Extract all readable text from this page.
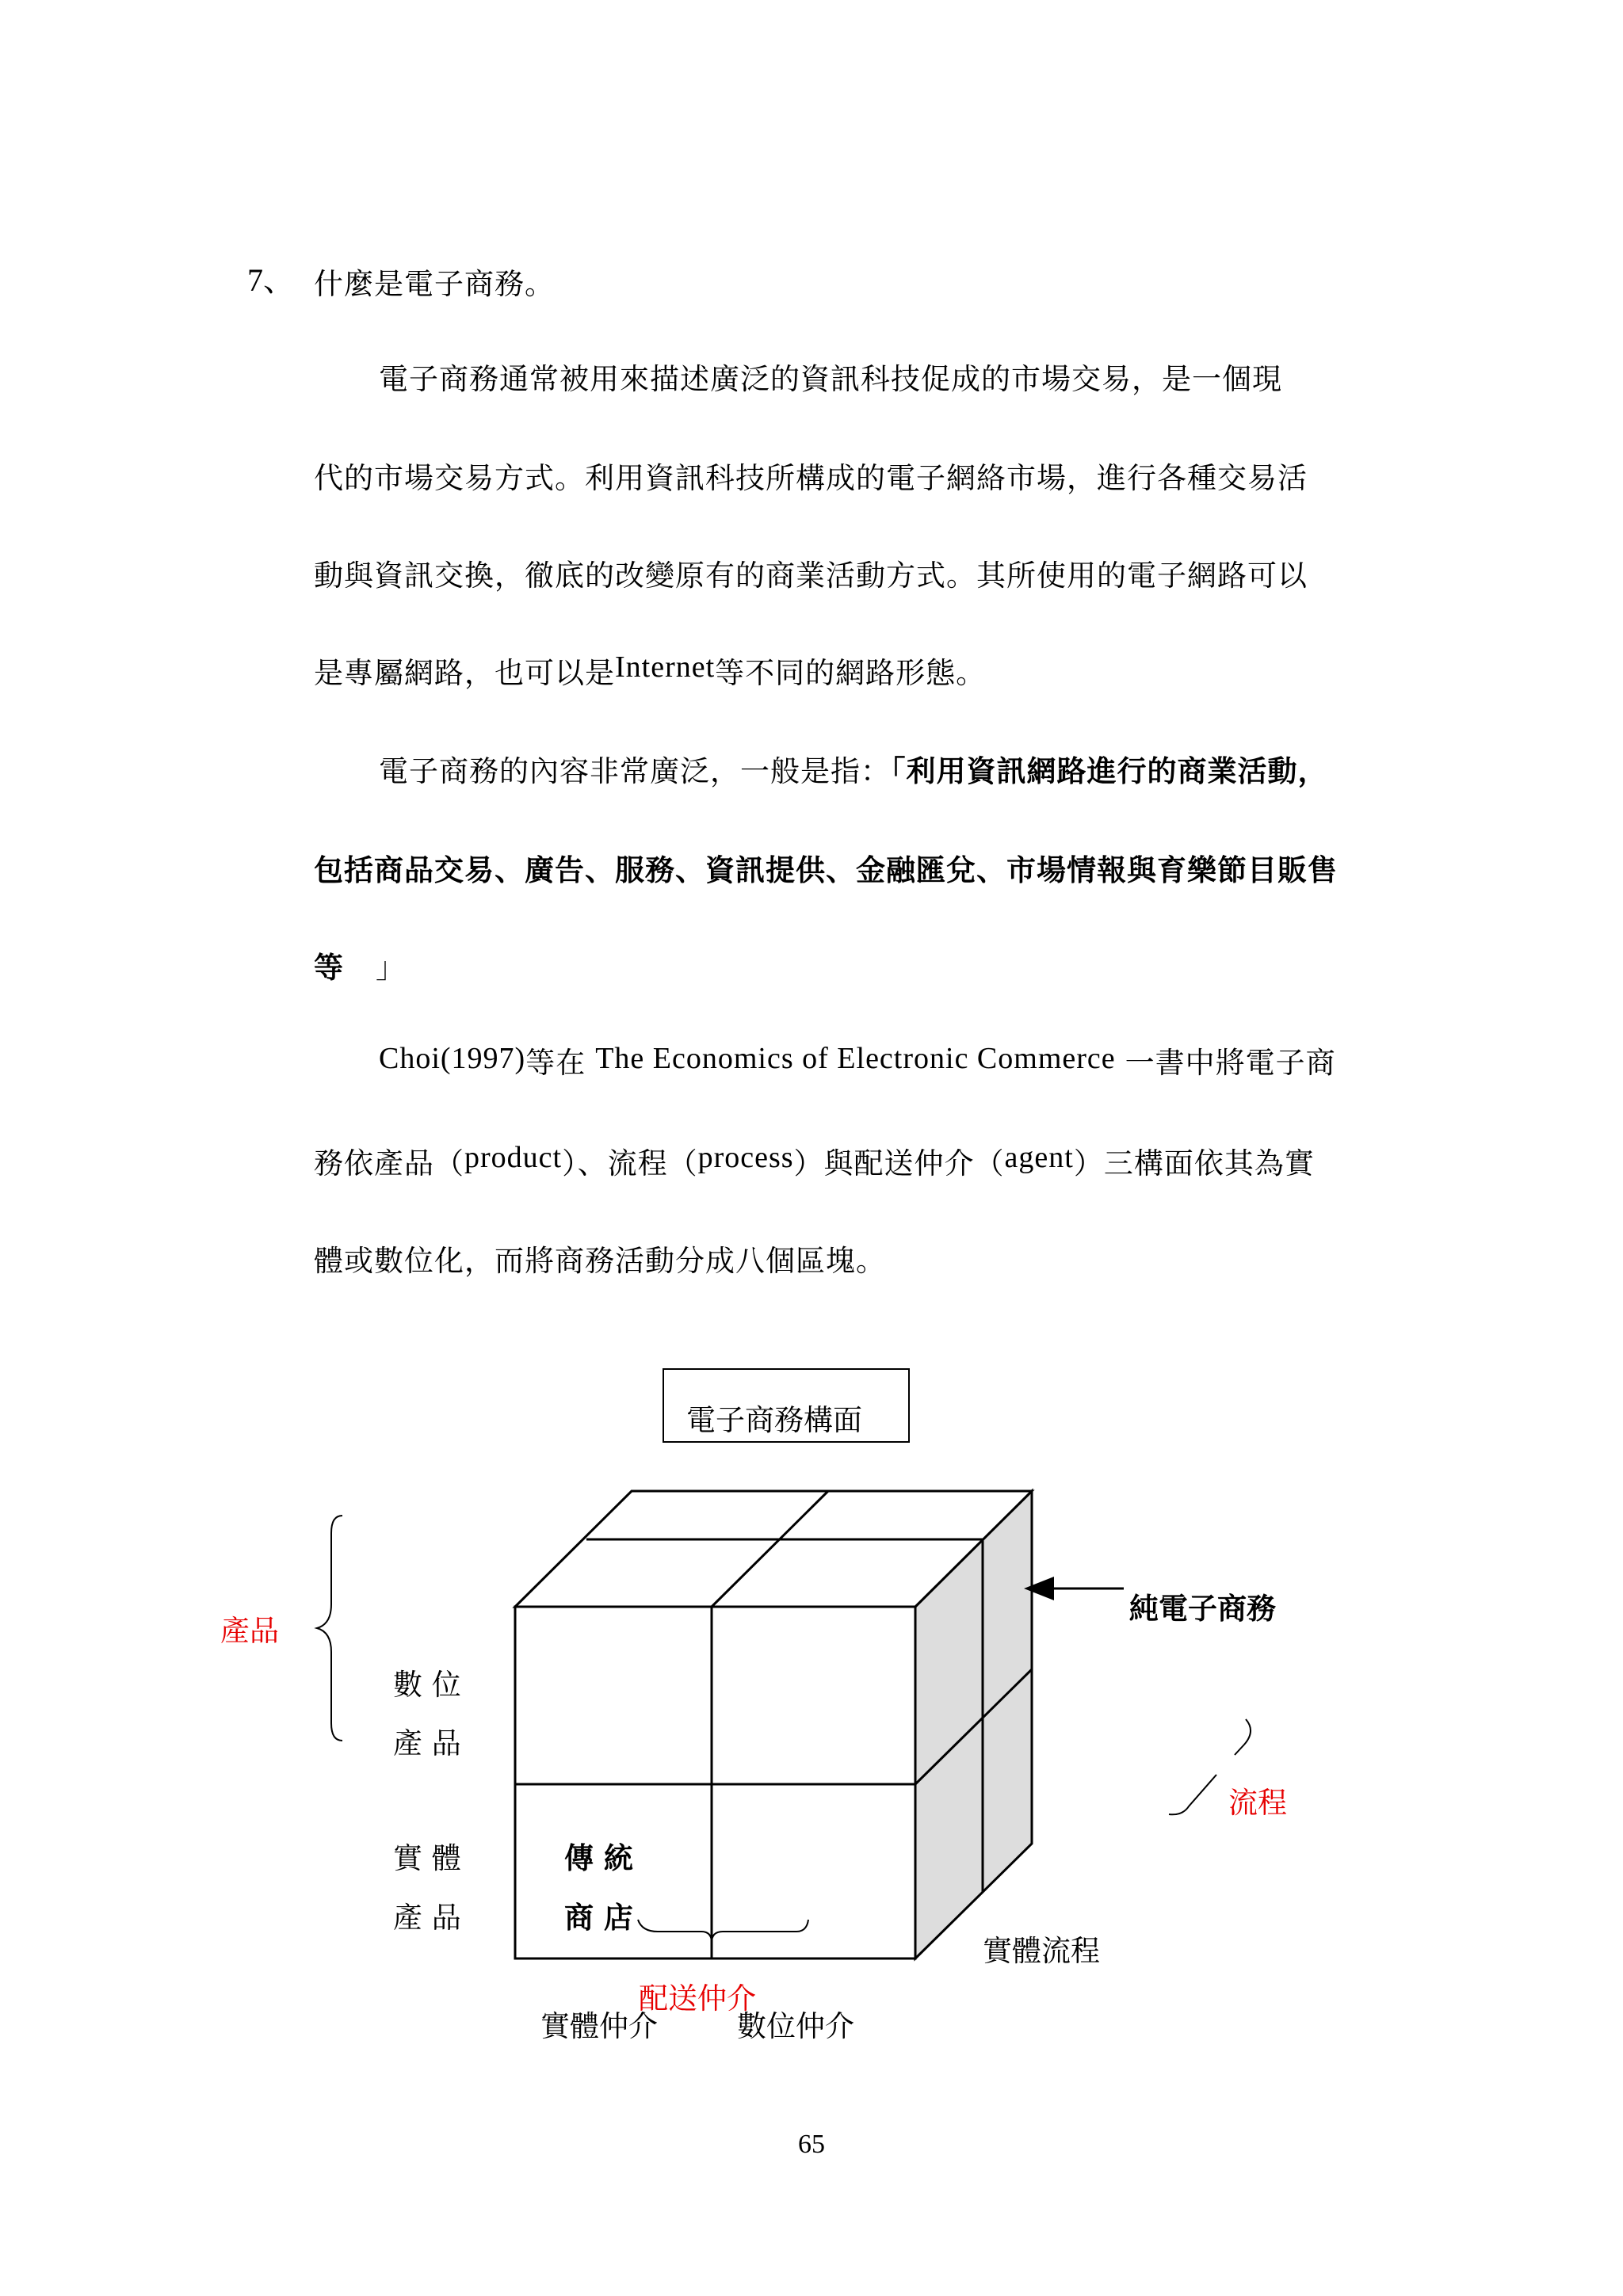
7、 什麼是電子商務。
電子商務通常被用來描述廣泛的資訊科技促成的市場交易，是一個現
代的市場交易方式。利用資訊科技所構成的電子網絡市場，進行各種交易活
動與資訊交換，徹底的改變原有的商業活動方式。其所使用的電子網路可以
是專屬網路，也可以是Internet等不同的網路形態。
電子商務的內容非常廣泛，一般是指：「利用資訊網路進行的商業活動，
包括商品交易、廣告、服務、資訊提供、金融匯兌、市場情報與育樂節目販售
等 」
Choi(1997)等在 The Economics of Electronic Commerce 一書中將電子商
務依產品（product）、流程（process）與配送仲介（agent）三構面依其為實
體或數位化，而將商務活動分成八個區塊。
電子商務構面
產品
數 位
產 品
實 體
產 品
傳 統
商 店
純電子商務
流程
實體流程
配送仲介
實體仲介	數位仲介
65
